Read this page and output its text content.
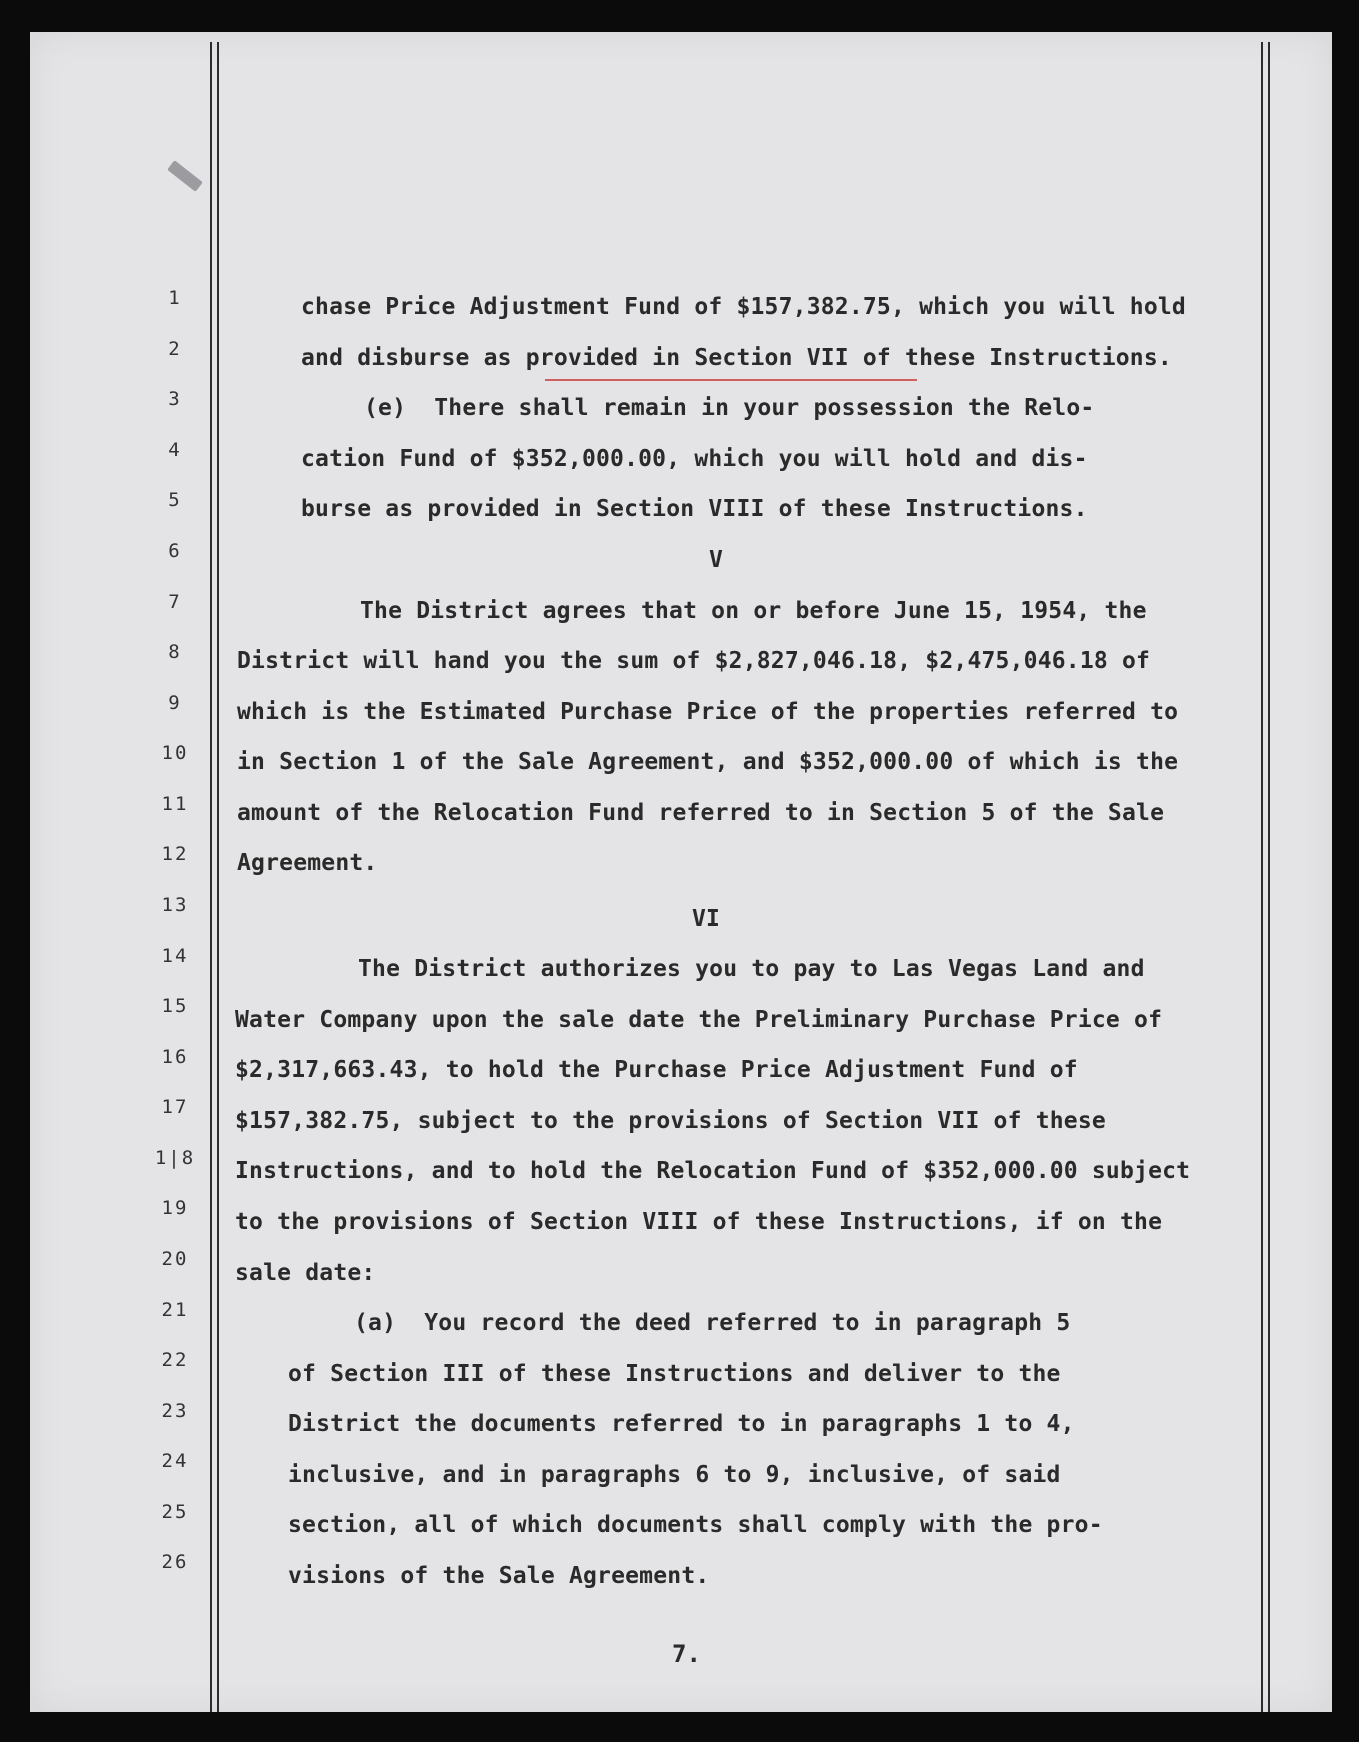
1
2
3
4
5
6
7
8
9
10
11
12
13
14
15
16
17
1|8
19
20
21
22
23
24
25
26
chase Price Adjustment Fund of $157,382.75, which you will hold
and disburse as provided in Section VII of these Instructions.
(e)  There shall remain in your possession the Relo-
cation Fund of $352,000.00, which you will hold and dis-
burse as provided in Section VIII of these Instructions.
V
The District agrees that on or before June 15, 1954, the
District will hand you the sum of $2,827,046.18, $2,475,046.18 of
which is the Estimated Purchase Price of the properties referred to
in Section 1 of the Sale Agreement, and $352,000.00 of which is the
amount of the Relocation Fund referred to in Section 5 of the Sale
Agreement.
VI
The District authorizes you to pay to Las Vegas Land and
Water Company upon the sale date the Preliminary Purchase Price of
$2,317,663.43, to hold the Purchase Price Adjustment Fund of
$157,382.75, subject to the provisions of Section VII of these
Instructions, and to hold the Relocation Fund of $352,000.00 subject
to the provisions of Section VIII of these Instructions, if on the
sale date:
(a)  You record the deed referred to in paragraph 5
of Section III of these Instructions and deliver to the
District the documents referred to in paragraphs 1 to 4,
inclusive, and in paragraphs 6 to 9, inclusive, of said
section, all of which documents shall comply with the pro-
visions of the Sale Agreement.
7.
